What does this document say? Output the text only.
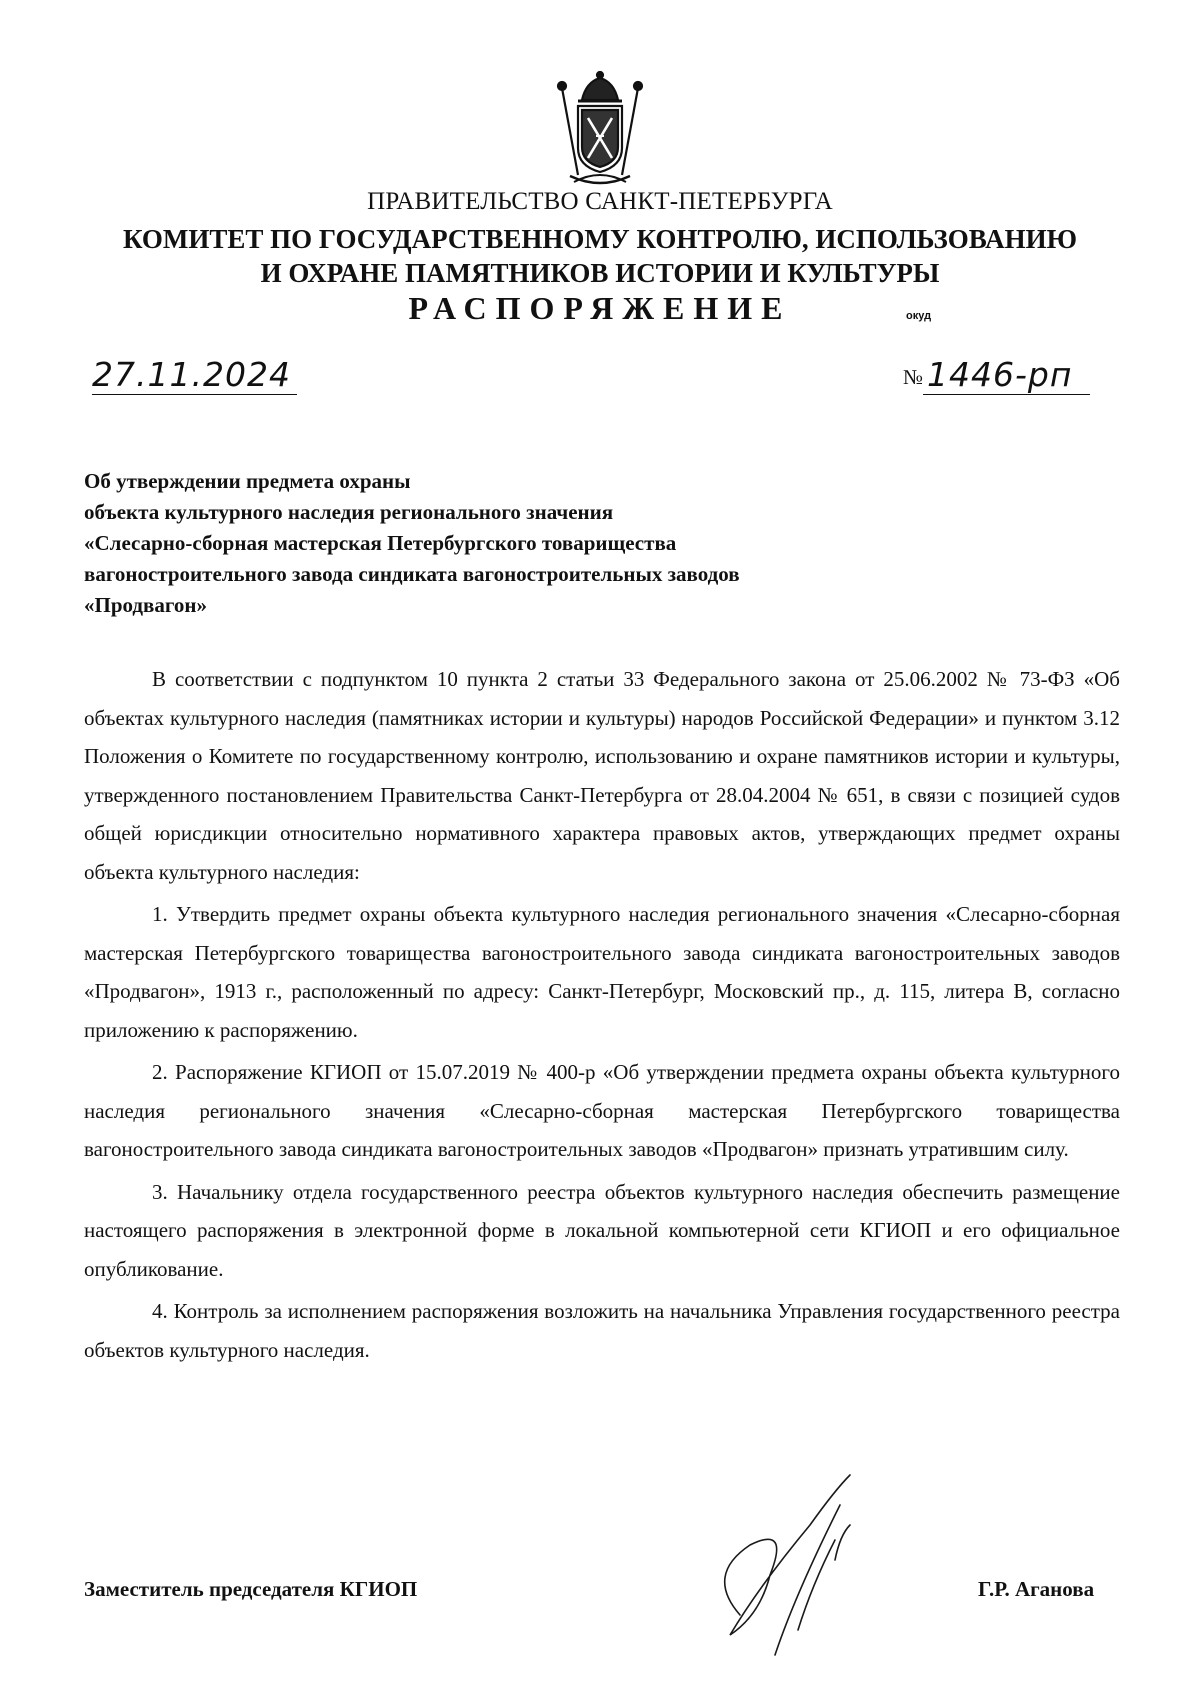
ПРАВИТЕЛЬСТВО САНКТ-ПЕТЕРБУРГА
КОМИТЕТ ПО ГОСУДАРСТВЕННОМУ КОНТРОЛЮ, ИСПОЛЬЗОВАНИЮ
И ОХРАНЕ ПАМЯТНИКОВ ИСТОРИИ И КУЛЬТУРЫ
РАСПОРЯЖЕНИЕ	окуд
27.11.2024	№ 1446-рп
Об утверждении предмета охраны
объекта культурного наследия регионального значения
«Слесарно-сборная мастерская Петербургского товарищества
вагоностроительного завода синдиката вагоностроительных заводов
«Продвагон»

В соответствии с подпунктом 10 пункта 2 статьи 33 Федерального закона от 25.06.2002 № 73-ФЗ «Об объектах культурного наследия (памятниках истории и культуры) народов Российской Федерации» и пунктом 3.12 Положения о Комитете по государственному контролю, использованию и охране памятников истории и культуры, утвержденного постановлением Правительства Санкт-Петербурга от 28.04.2004 № 651, в связи с позицией судов общей юрисдикции относительно нормативного характера правовых актов, утверждающих предмет охраны объекта культурного наследия:

1. Утвердить предмет охраны объекта культурного наследия регионального значения «Слесарно-сборная мастерская Петербургского товарищества вагоностроительного завода синдиката вагоностроительных заводов «Продвагон», 1913 г., расположенный по адресу: Санкт-Петербург, Московский пр., д. 115, литера В, согласно приложению к распоряжению.

2. Распоряжение КГИОП от 15.07.2019 № 400-р «Об утверждении предмета охраны объекта культурного наследия регионального значения «Слесарно-сборная мастерская Петербургского товарищества вагоностроительного завода синдиката вагоностроительных заводов «Продвагон» признать утратившим силу.

3. Начальнику отдела государственного реестра объектов культурного наследия обеспечить размещение настоящего распоряжения в электронной форме в локальной компьютерной сети КГИОП и его официальное опубликование.

4. Контроль за исполнением распоряжения возложить на начальника Управления государственного реестра объектов культурного наследия.

Заместитель председателя КГИОП	Г.Р. Аганова
